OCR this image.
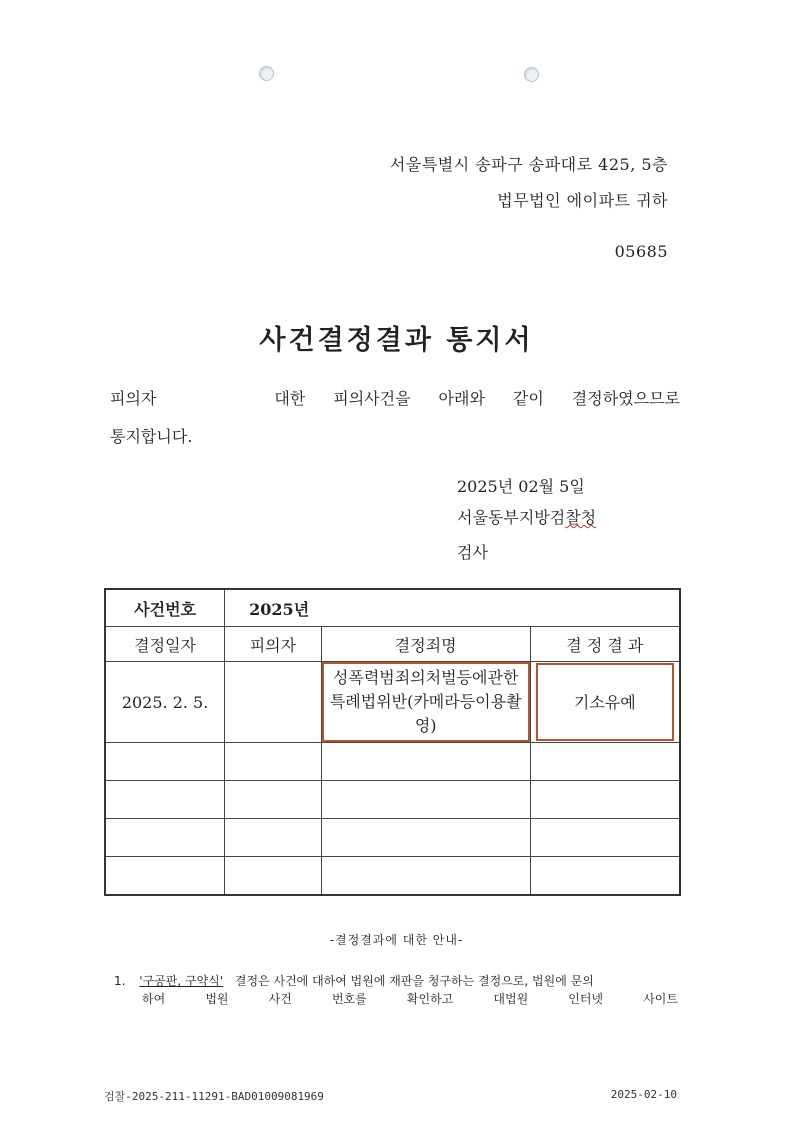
서울특별시 송파구 송파대로 425, 5층
법무법인 에이파트 귀하
05685
사건결정결과 통지서
피의자	대한 피의사건을 아래와 같이 결정하였으므로
통지합니다.
2025년 02월 5일
서울동부지방검찰청
검사
사건번호	2025년		
결정일자	피의자	결정죄명	결 정 결 과
2025. 2. 5.		성폭력범죄의처벌등에관한특례법위반(카메라등이용촬영)	기소유예

-결정결과에 대한 안내-
1. '구공판, 구약식' 결정은 사건에 대하여 법원에 재판을 청구하는 결정으로, 법원에 문의
하여 법원 사건 번호를 확인하고 대법원 인터넷 사이트
검찰-2025-211-11291-BAD01009081969	2025-02-10
